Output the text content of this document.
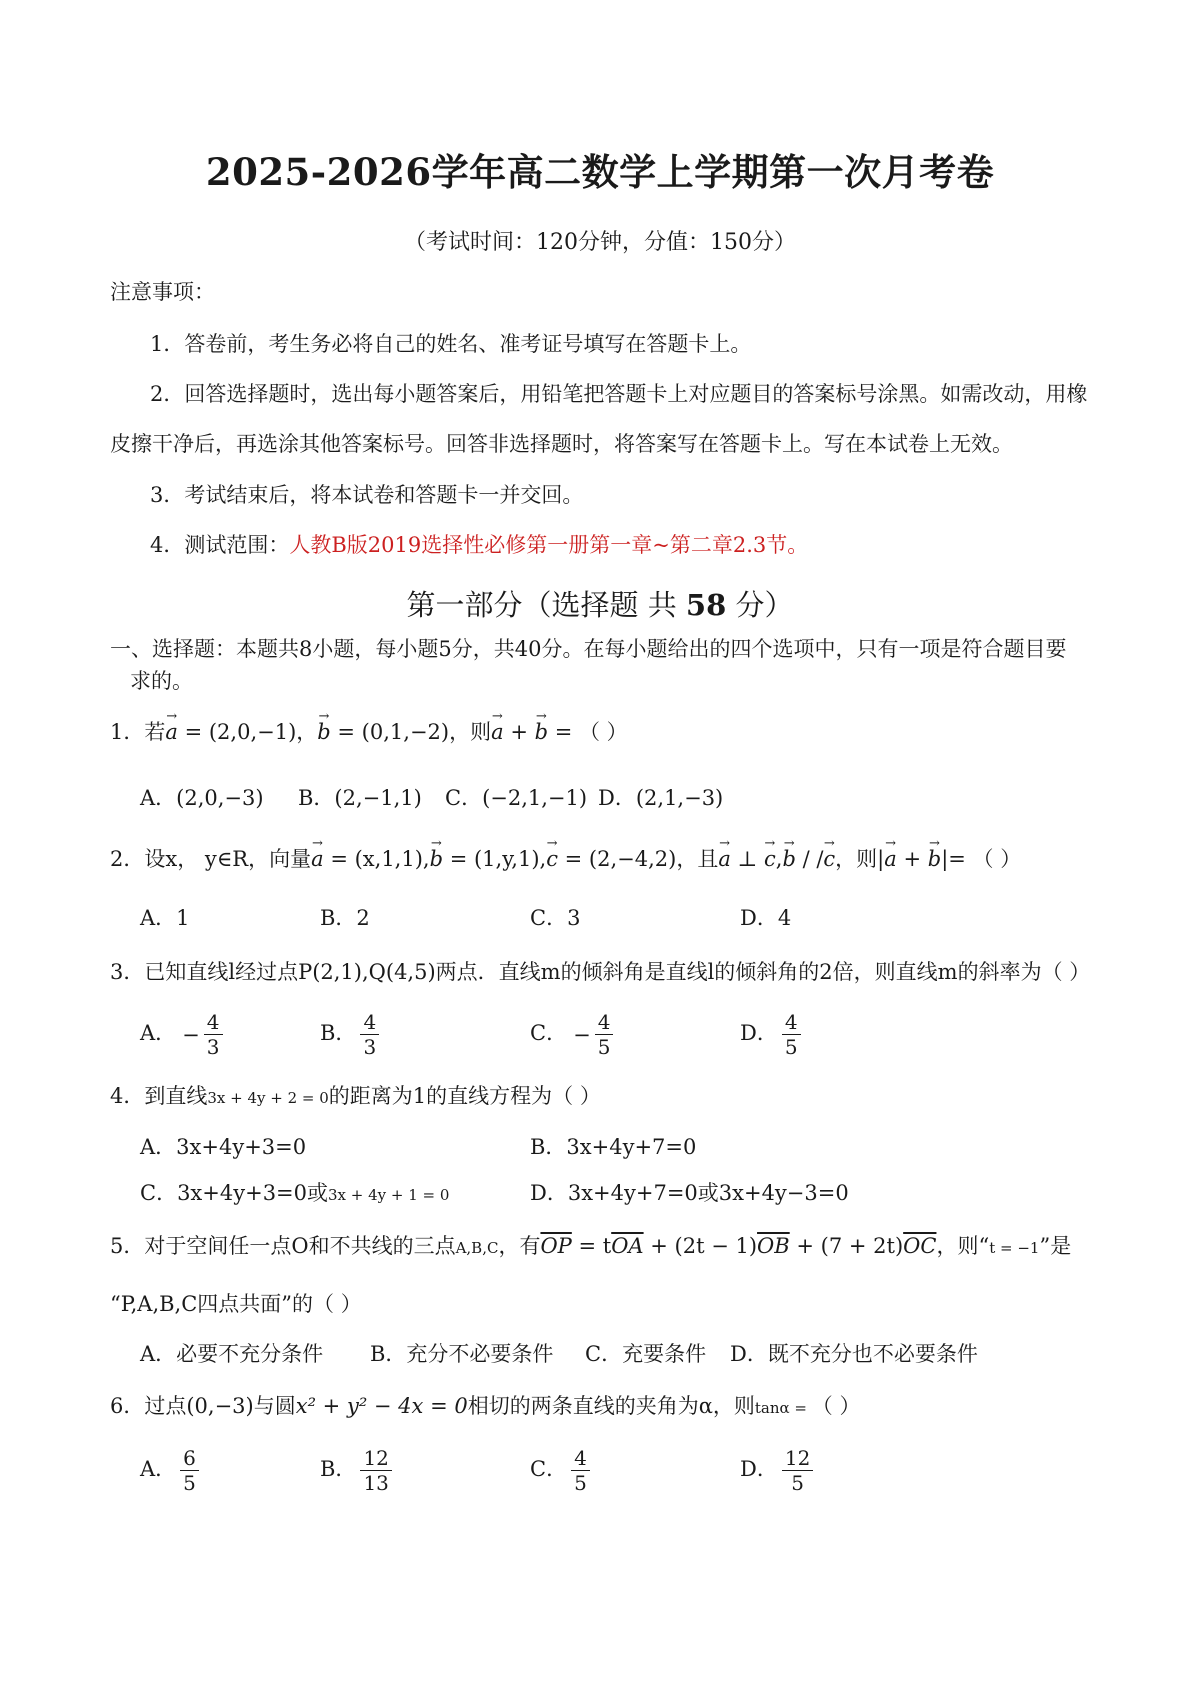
2025-2026学年高二数学上学期第一次月考卷
（考试时间：120分钟，分值：150分）
注意事项：
1．答卷前，考生务必将自己的姓名、准考证号填写在答题卡上。
2．回答选择题时，选出每小题答案后，用铅笔把答题卡上对应题目的答案标号涂黑。如需改动，用橡
皮擦干净后，再选涂其他答案标号。回答非选择题时，将答案写在答题卡上。写在本试卷上无效。
3．考试结束后，将本试卷和答题卡一并交回。
4．测试范围：人教B版2019选择性必修第一册第一章~第二章2.3节。
第一部分（选择题 共 58 分）
一、选择题：本题共8小题，每小题5分，共40分。在每小题给出的四个选项中，只有一项是符合题目要
求的。
1．若→ a = (2,0,−1)，→ b = (0,1,−2)，则→ a + → b = （ ）
A．(2,0,−3) B．(2,−1,1) C．(−2,1,−1) D．(2,1,−3)
2．设x， y∈R，向量→ a = (x,1,1),→ b = (1,y,1),→ c = (2,−4,2)，且→ a ⊥ → c,→ b / /→ c，则|→ a + → b|= （ ）
A．1	B．2	C．3	D．4
3．已知直线l经过点P(2,1),Q(4,5)两点．直线m的倾斜角是直线l的倾斜角的2倍，则直线m的斜率为（ ）
A． − $\frac{4}{3}$	B． $\frac{4}{3}$	C． − $\frac{4}{5}$	D． $\frac{4}{5}$
4．到直线3x + 4y + 2 = 0的距离为1的直线方程为（ ）
A．3x+4y+3=0	B．3x+4y+7=0
C．3x+4y+3=0或3x + 4y + 1 = 0	D．3x+4y+7=0或3x+4y−3=0
5．对于空间任一点O和不共线的三点A,B,C，有$\overline{OP} = t\overline{OA} + (2t - 1)\overline{OB} + (7 + 2t)\overline{OC}$，则“t = −1”是
“P,A,B,C四点共面”的（ ）
A．必要不充分条件 B．充分不必要条件 C．充要条件 D．既不充分也不必要条件
6．过点(0,−3)与圆x² + y² − 4x = 0相切的两条直线的夹角为α，则tanα = （ ）
A． $\frac{6}{5}$	B． $\frac{12}{13}$	C． $\frac{4}{5}$	D． $\frac{12}{5}$
